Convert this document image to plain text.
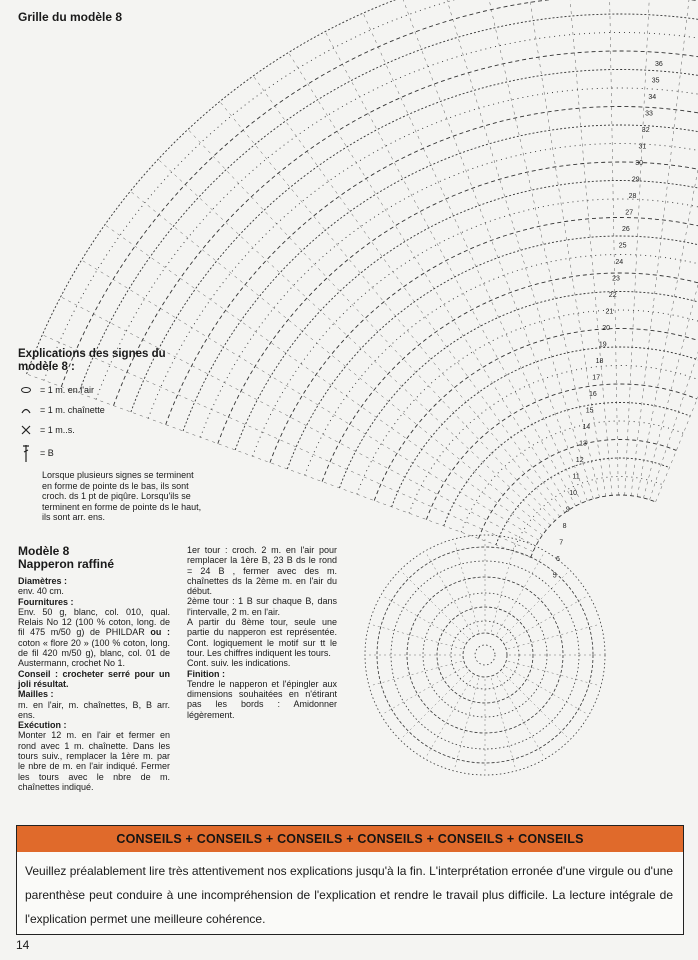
Grille du modèle 8
36
35
34
33
32
31
30
29
28
27
26
25
24
23
22
21
20
19
18
17
16
15
14
13
12
11
10
9
8
7
6
5
Explications des signes du modèle 8 :
= 1 m. en l'air
= 1 m. chaînette
= 1 m..s.
= B
Lorsque plusieurs signes se terminent en forme de pointe ds le bas, ils sont croch. ds 1 pt de piqûre. Lorsqu'ils se terminent en forme de pointe ds le haut, ils sont arr. ens.
Modèle 8
Napperon raffiné
Diamètres :

env. 40 cm.

Fournitures :

Env. 50 g, blanc, col. 010, qual. Relais No 12 (100 % coton, long. de fil 475 m/50 g) de PHILDAR ou : coton « flore 20 » (100 % coton, long. de fil 420 m/50 g), blanc, col. 01 de Austermann, crochet No 1.

Conseil : crocheter serré pour un joli résultat.

Mailles :

m. en l'air, m. chaînettes, B, B arr. ens.

Exécution :

Monter 12 m. en l'air et fermer en rond avec 1 m. chaînette. Dans les tours suiv., remplacer la 1ère m. par le nbre de m. en l'air indiqué. Fermer les tours avec le nbre de m. chaînettes indiqué.

1er tour : croch. 2 m. en l'air pour remplacer la 1ère B, 23 B ds le rond = 24 B , fermer avec des m. chaînettes ds la 2ème m. en l'air du début.

2ème tour : 1 B sur chaque B, dans l'intervalle, 2 m. en l'air.

A partir du 8ème tour, seule une partie du napperon est représentée. Cont. logiquement le motif sur tt le tour. Les chiffres indiquent les tours.

Cont. suiv. les indications.

Finition :

Tendre le napperon et l'épingler aux dimensions souhaitées en n'étirant pas les bords : Amidonner légèrement.

CONSEILS + CONSEILS + CONSEILS + CONSEILS + CONSEILS + CONSEILS
Veuillez préalablement lire très attentivement nos explications jusqu'à la fin. L'interprétation erronée d'une virgule ou d'une parenthèse peut conduire à une incompréhension de l'explication et rendre le travail plus difficile. La lecture intégrale de l'explication permet une meilleure cohérence.
14
